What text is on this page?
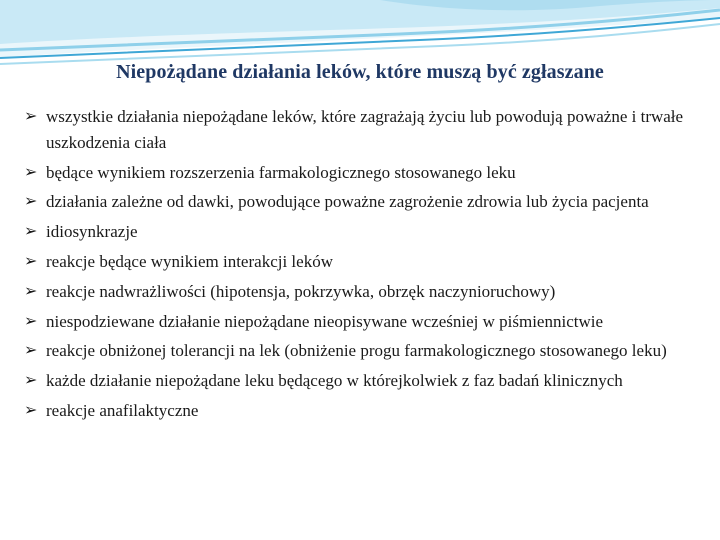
Niepożądane działania leków, które muszą być zgłaszane
➢ wszystkie działania niepożądane leków, które zagrażają życiu lub powodują poważne i trwałe uszkodzenia ciała
➢ będące wynikiem rozszerzenia farmakologicznego stosowanego leku
➢ działania zależne od dawki, powodujące poważne zagrożenie zdrowia lub życia pacjenta
➢ idiosynkrazje
➢ reakcje będące wynikiem interakcji leków
➢ reakcje nadwrażliwości (hipotensja, pokrzywka, obrzęk naczynioruchowy)
➢ niespodziewane działanie niepożądane nieopisywane wcześniej w piśmiennictwie
➢ reakcje obniżonej tolerancji na lek (obniżenie progu farmakologicznego stosowanego leku)
➢ każde działanie niepożądane leku będącego w którejkolwiek z faz badań klinicznych
➢ reakcje anafilaktyczne
